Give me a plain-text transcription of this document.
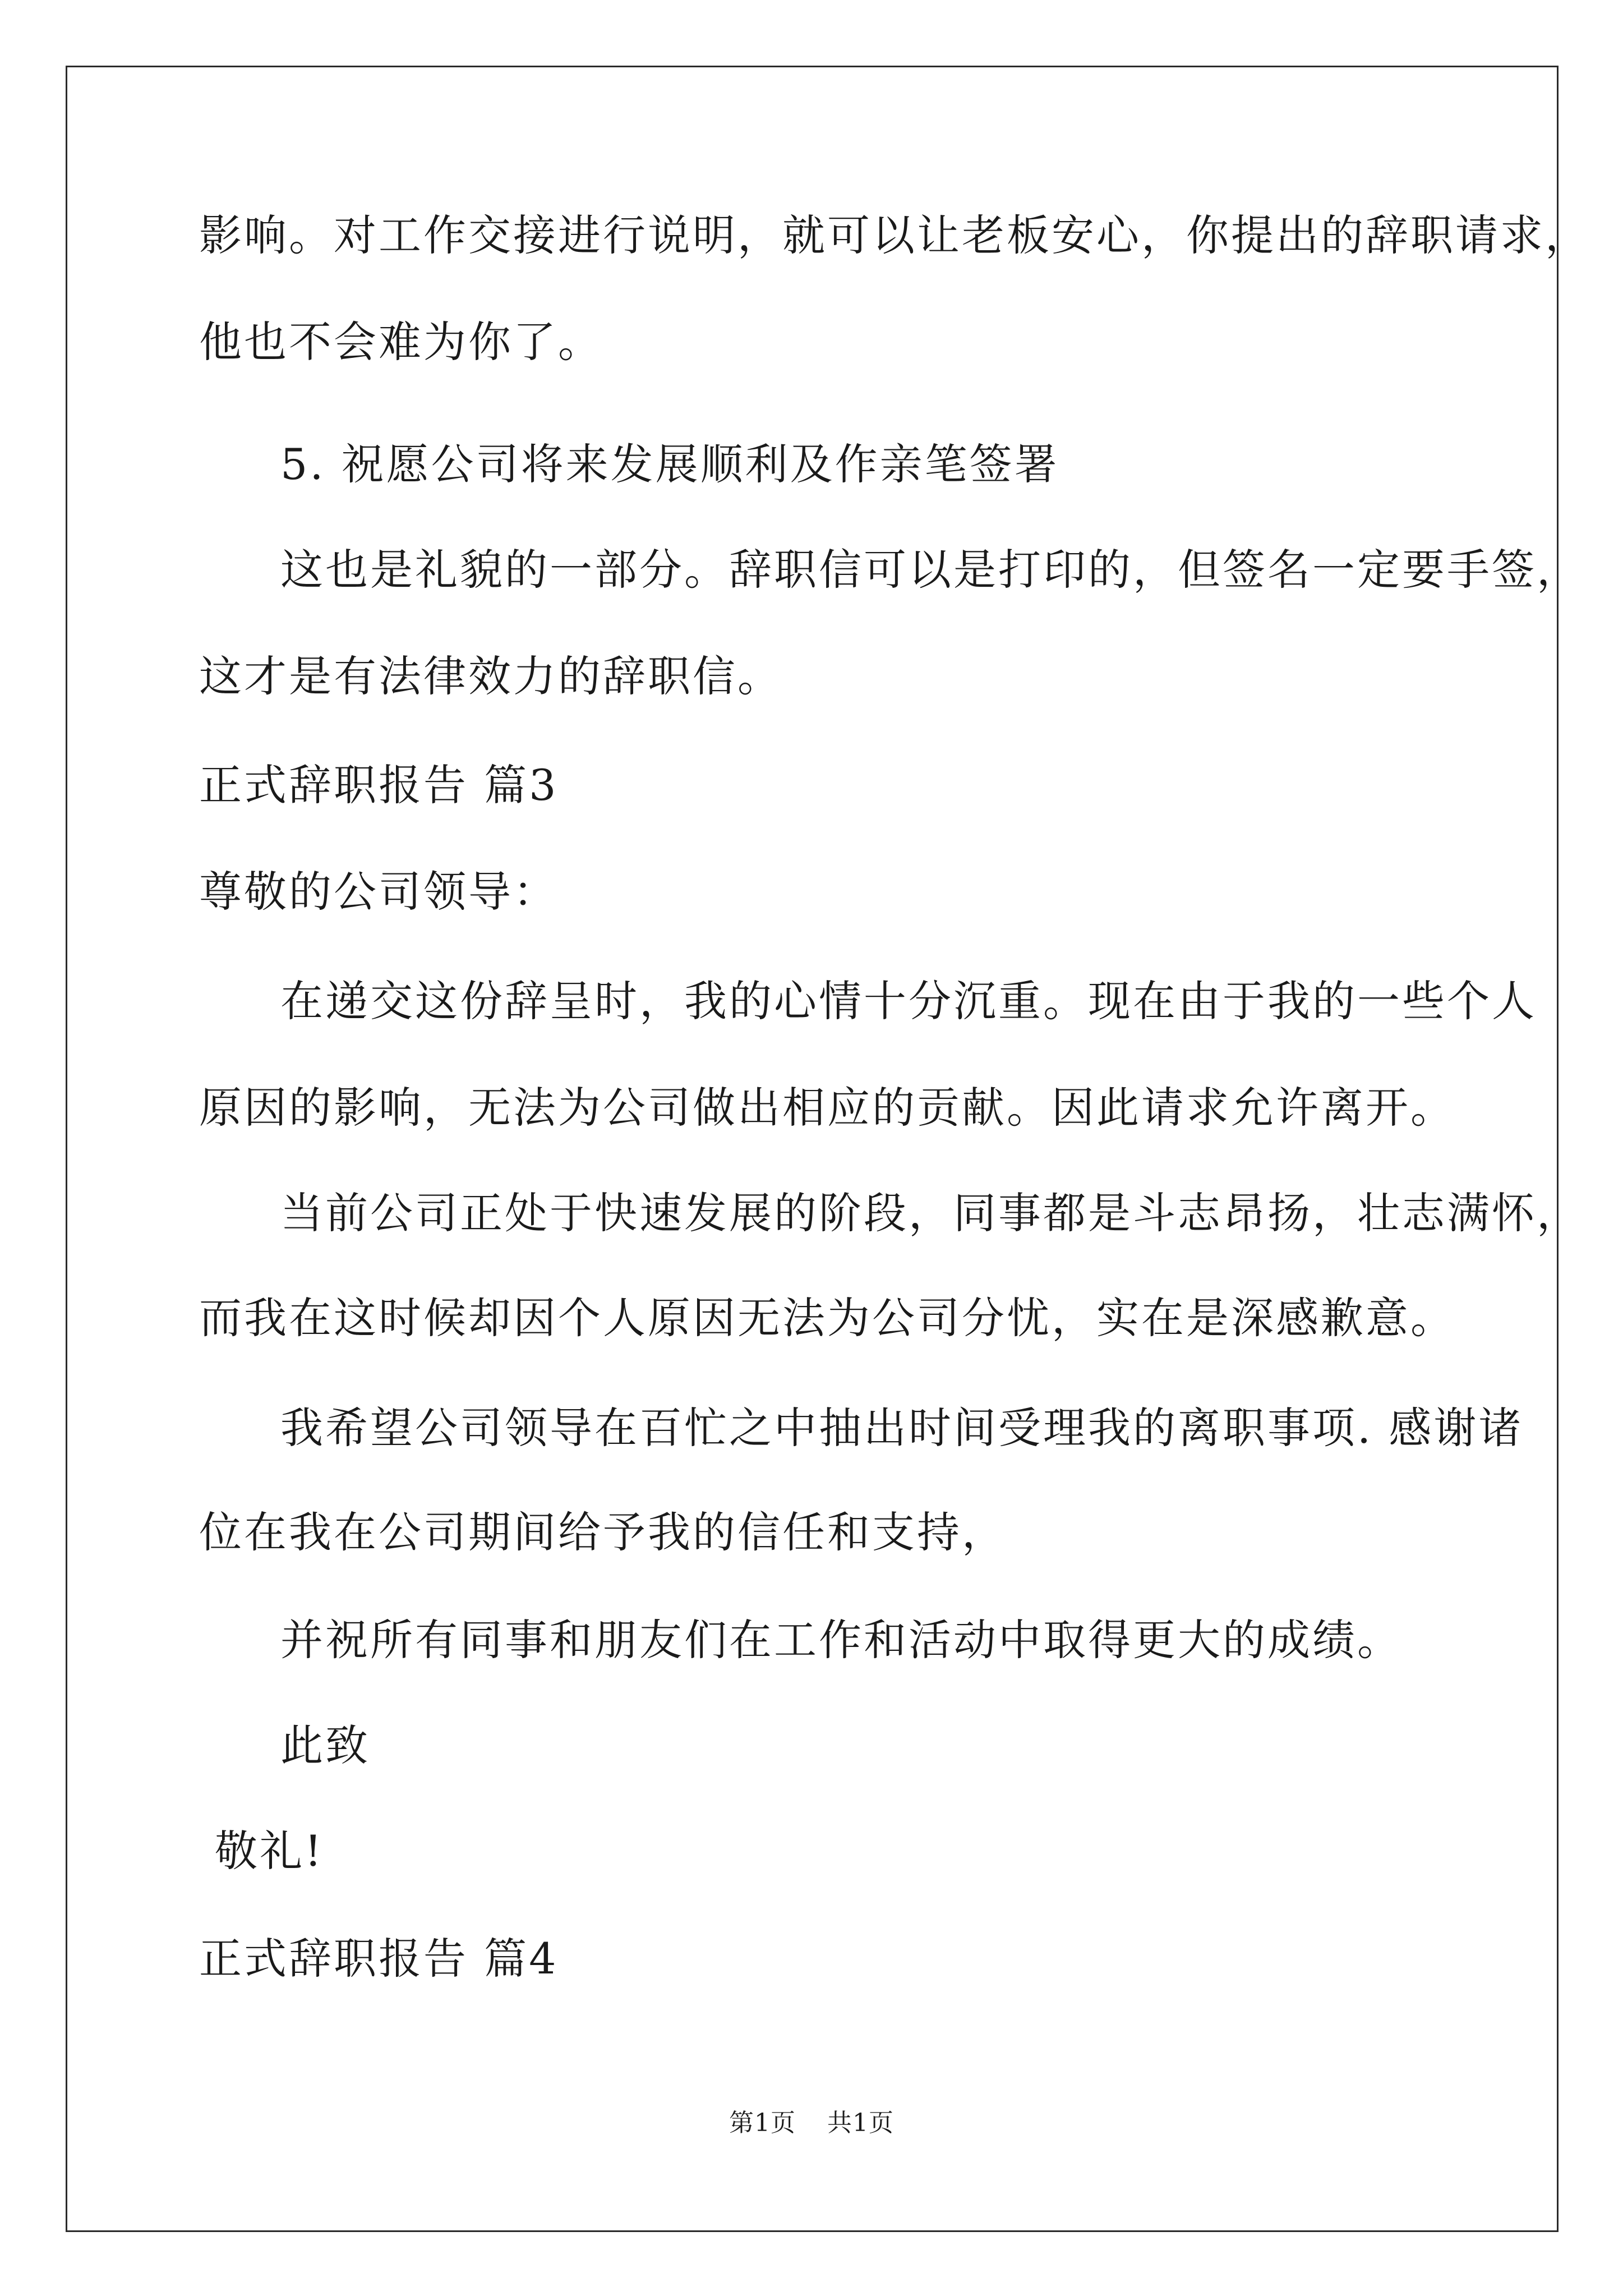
影响。对工作交接进行说明，就可以让老板安心，你提出的辞职请求，
他也不会难为你了。
5. 祝愿公司将来发展顺利及作亲笔签署
这也是礼貌的一部分。辞职信可以是打印的，但签名一定要手签，
这才是有法律效力的辞职信。
正式辞职报告 篇3
尊敬的公司领导：
在递交这份辞呈时，我的心情十分沉重。现在由于我的一些个人
原因的影响，无法为公司做出相应的贡献。因此请求允许离开。
当前公司正处于快速发展的阶段，同事都是斗志昂扬，壮志满怀，
而我在这时候却因个人原因无法为公司分忧，实在是深感歉意。
我希望公司领导在百忙之中抽出时间受理我的离职事项. 感谢诸
位在我在公司期间给予我的信任和支持，
并祝所有同事和朋友们在工作和活动中取得更大的成绩。
此致
敬礼!
正式辞职报告 篇4
第1页 共1页
